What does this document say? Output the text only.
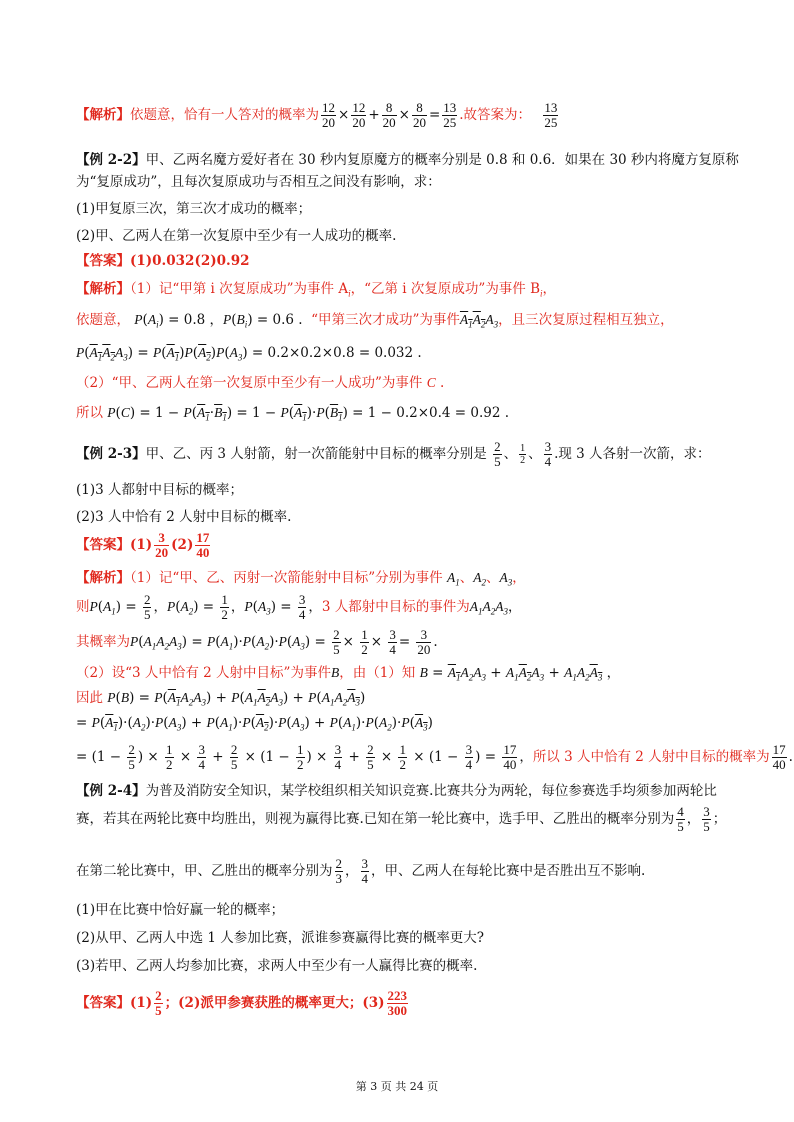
【解析】依题意，恰有一人答对的概率为 $\frac{12}{20} \times \frac{12}{20} + \frac{8}{20} \times \frac{8}{20} = \frac{13}{25}$ .故答案为： $\frac{13}{25}$
【例 2-2】甲、乙两名魔方爱好者在 30 秒内复原魔方的概率分别是 0.8 和 0.6．如果在 30 秒内将魔方复原称
为“复原成功”，且每次复原成功与否相互之间没有影响，求：
(1)甲复原三次，第三次才成功的概率；
(2)甲、乙两人在第一次复原中至少有一人成功的概率.
【答案】(1)0.032(2)0.92
【解析】（1）记“甲第 i 次复原成功”为事件 $A_i$，“乙第 i 次复原成功”为事件 $B_i$，
依题意， $P(A_i) = 0.8$ ，$P(B_i) = 0.6$ .  “甲第三次才成功”为事件$A_1A_2A_3$，且三次复原过程相互独立，
$P(A_1A_2A_3) = P(A_1)P(A_2)P(A_3) = 0.2\times 0.2\times 0.8 = 0.032$ .
（2）“甲、乙两人在第一次复原中至少有一人成功”为事件 C .
所以 $P(C) = 1 - P(A_1\cdot B_1) = 1 - P(A_1)\cdot P(B_1) = 1 - 0.2\times 0.4 = 0.92$ .
【例 2-3】甲、乙、丙 3 人射箭，射一次箭能射中目标的概率分别是 $\frac{2}{5}$ 、 $\frac{1}{2}$ 、 $\frac{3}{4}$ .现 3 人各射一次箭，求：
(1)3 人都射中目标的概率；
(2)3 人中恰有 2 人射中目标的概率.
【答案】$(1) \frac{3}{20} (2) \frac{17}{40}$
【解析】（1）记“甲、乙、丙射一次箭能射中目标”分别为事件 $A_1$、$A_2$、$A_3$，
则$P(A_1) = \frac{2}{5}$ ，$P(A_2) = \frac{1}{2}$ ，$P(A_3) = \frac{3}{4}$ ，3 人都射中目标的事件为$A_1A_2A_3$，
其概率为$P(A_1A_2A_3) = P(A_1)\cdot P(A_2)\cdot P(A_3) = \frac{2}{5} \times \frac{1}{2} \times \frac{3}{4} = \frac{3}{20}$ .
（2）设“3 人中恰有 2 人射中目标”为事件B，由（1）知 $B = A_1A_2A_3 + A_1A_2A_3 + A_1A_2A_3$ ，
因此 $P(B) = P(A_1A_2A_3) + P(A_1A_2A_3) + P(A_1A_2A_3)$
= $P(A_1)\cdot(A_2)\cdot P(A_3) + P(A_1)\cdot P(A_2)\cdot P(A_3) + P(A_1)\cdot P(A_2)\cdot P(A_3)$
= ($1 - \frac{2}{5}$ ) × $\frac{1}{2} \times \frac{3}{4} + \frac{2}{5} \times (1 - \frac{1}{2}$ ) × $\frac{3}{4} + \frac{2}{5} \times \frac{1}{2} \times (1 - \frac{3}{4}$ ) = $\frac{17}{40}$ ，所以 3 人中恰有 2 人射中目标的概率为 $\frac{17}{40}$ .
【例 2-4】为普及消防安全知识，某学校组织相关知识竞赛.比赛共分为两轮，每位参赛选手均须参加两轮比
赛，若其在两轮比赛中均胜出，则视为赢得比赛.已知在第一轮比赛中，选手甲、乙胜出的概率分别为 $\frac{4}{5}$ ， $\frac{3}{5}$ ；
在第二轮比赛中，甲、乙胜出的概率分别为 $\frac{2}{3}$ ， $\frac{3}{4}$ ，甲、乙两人在每轮比赛中是否胜出互不影响.
(1)甲在比赛中恰好赢一轮的概率；
(2)从甲、乙两人中选 1 人参加比赛，派谁参赛赢得比赛的概率更大?
(3)若甲、乙两人均参加比赛，求两人中至少有一人赢得比赛的概率.
【答案】$(1) \frac{2}{5}$ ；(2)派甲参赛获胜的概率更大；$(3) \frac{223}{300}$
第 3 页 共 24 页
